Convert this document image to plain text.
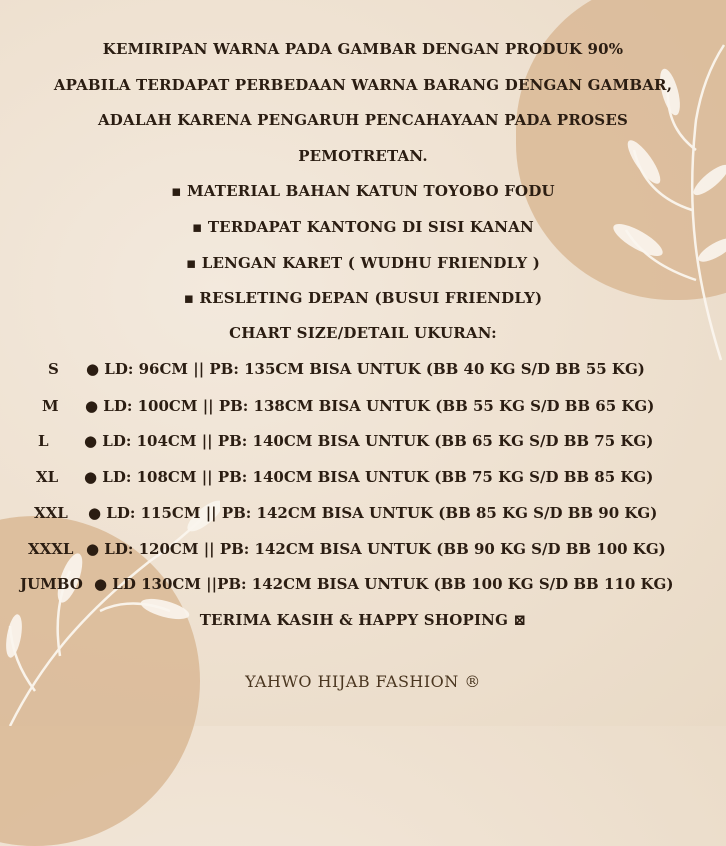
KEMIRIPAN WARNA PADA GAMBAR DENGAN PRODUK 90%
APABILA TERDAPAT PERBEDAAN WARNA BARANG DENGAN GAMBAR,
ADALAH KARENA PENGARUH PENCAHAYAAN PADA PROSES
PEMOTRETAN.
▪ MATERIAL BAHAN KATUN TOYOBO FODU
▪ TERDAPAT KANTONG DI SISI KANAN
▪ LENGAN KARET ( WUDHU FRIENDLY )
▪ RESLETING DEPAN (BUSUI FRIENDLY)
CHART SIZE/DETAIL UKURAN:
S ● LD: 96CM || PB: 135CM BISA UNTUK (BB 40 KG S/D BB 55 KG)
M ● LD: 100CM || PB: 138CM BISA UNTUK (BB 55 KG S/D BB 65 KG)
L ● LD: 104CM || PB: 140CM BISA UNTUK (BB 65 KG S/D BB 75 KG)
XL ● LD: 108CM || PB: 140CM BISA UNTUK (BB 75 KG S/D BB 85 KG)
XXL ● LD: 115CM || PB: 142CM BISA UNTUK (BB 85 KG S/D BB 90 KG)
XXXL ● LD: 120CM || PB: 142CM BISA UNTUK (BB 90 KG S/D BB 100 KG)
JUMBO ● LD 130CM ||PB: 142CM BISA UNTUK (BB 100 KG S/D BB 110 KG)
TERIMA KASIH & HAPPY SHOPING ⊠
YAHWO HIJAB FASHION ®
